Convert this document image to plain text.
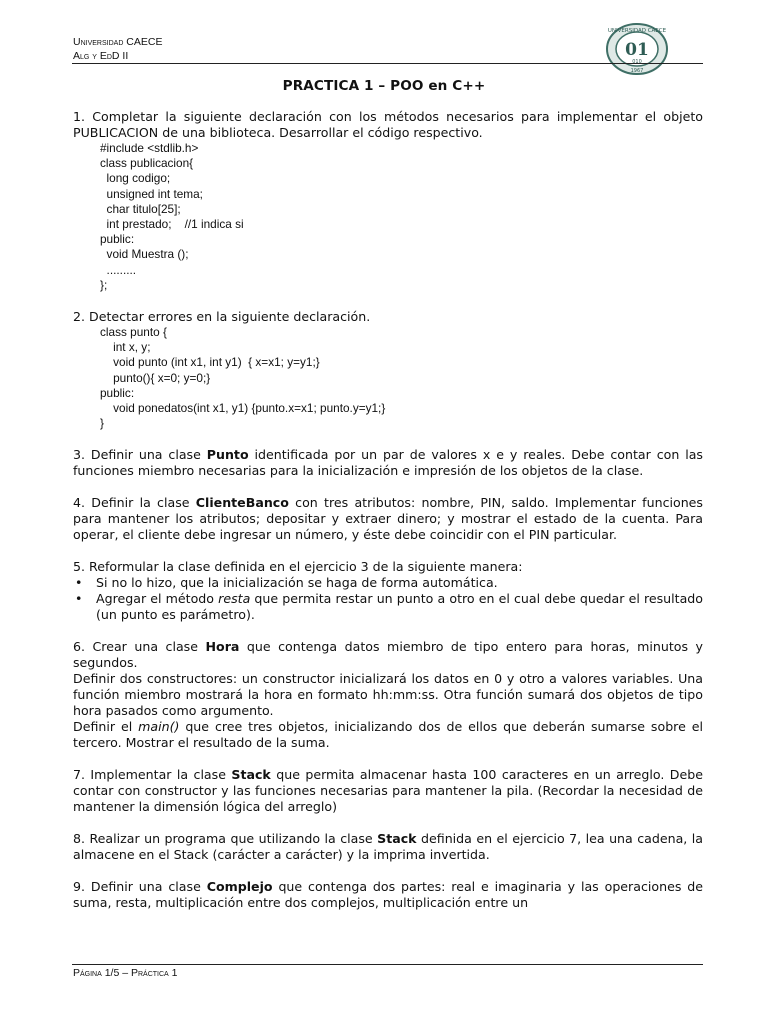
Universidad CAECE
Alg y EdD II
UNIVERSIDAD CAECE
01
010
1967
PRACTICA 1 – POO en C++

1. Completar la siguiente declaración con los métodos necesarios para implementar el objeto PUBLICACION de una biblioteca. Desarrollar el código respectivo.

#include <stdlib.h>
class publicacion{
long codigo;
unsigned int tema;
char titulo[25];
int prestado;    //1 indica si
public:
void Muestra ();
.........
};

2. Detectar errores en la siguiente declaración.

class punto {
int x, y;
void punto (int x1, int y1)  { x=x1; y=y1;}
punto(){ x=0; y=0;}
public:
void ponedatos(int x1, y1) {punto.x=x1; punto.y=y1;}
}

3. Definir una clase Punto identificada por un par de valores x e y reales. Debe contar con las funciones miembro necesarias para la inicialización e impresión de los objetos de la clase.

4. Definir la clase ClienteBanco con tres atributos: nombre, PIN, saldo. Implementar funciones para mantener los atributos; depositar y extraer dinero; y mostrar el estado de la cuenta. Para operar, el cliente debe ingresar un número, y éste debe coincidir con el PIN particular.

5. Reformular la clase definida en el ejercicio 3 de la siguiente manera:

• Si no lo hizo, que la inicialización se haga de forma automática.
• Agregar el método resta que permita restar un punto a otro en el cual debe quedar el resultado (un punto es parámetro).

6. Crear una clase Hora que contenga datos miembro de tipo entero para horas, minutos y segundos.

Definir dos constructores: un constructor inicializará los datos en 0 y otro a valores variables. Una función miembro mostrará la hora en formato hh:mm:ss. Otra función sumará dos objetos de tipo hora pasados como argumento.

Definir el main() que cree tres objetos, inicializando dos de ellos que deberán sumarse sobre el tercero. Mostrar el resultado de la suma.

7. Implementar la clase Stack que permita almacenar hasta 100 caracteres en un arreglo. Debe contar con constructor y las funciones necesarias para mantener la pila. (Recordar la necesidad de mantener la dimensión lógica del arreglo)

8. Realizar un programa que utilizando la clase Stack definida en el ejercicio 7, lea una cadena, la almacene en el Stack (carácter a carácter) y la imprima invertida.

9. Definir una clase Complejo que contenga dos partes: real e imaginaria y las operaciones de suma, resta, multiplicación entre dos complejos, multiplicación entre un

Página 1/5 – Práctica 1
